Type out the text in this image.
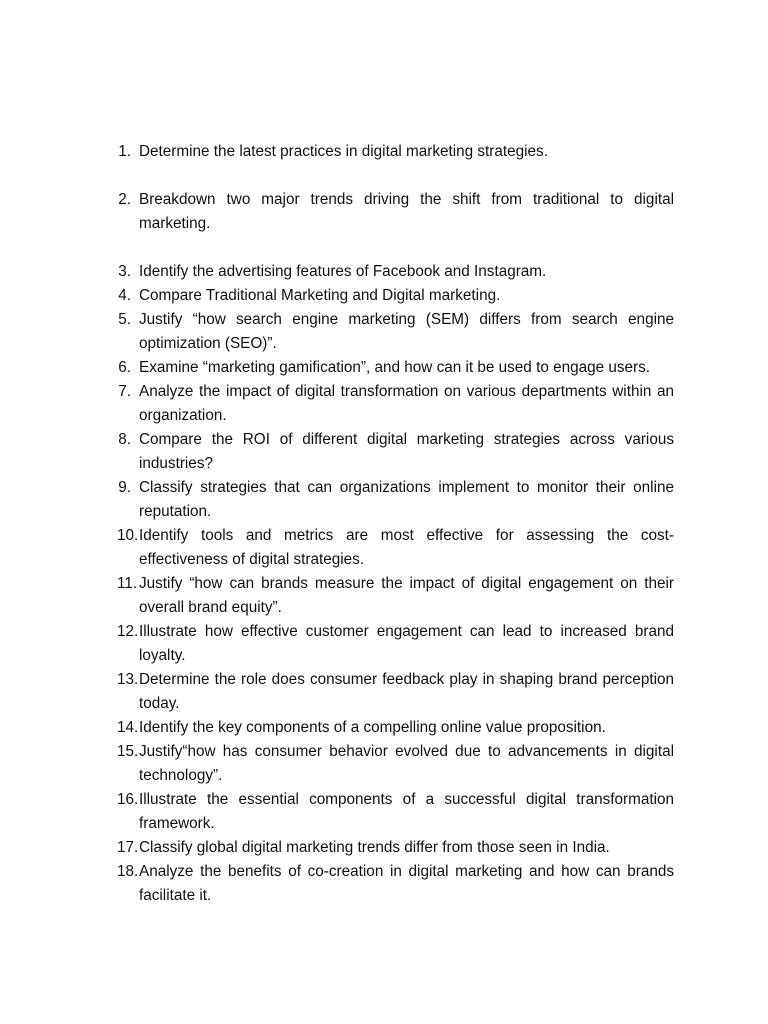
1. Determine the latest practices in digital marketing strategies.
2. Breakdown two major trends driving the shift from traditional to digital marketing.
3. Identify the advertising features of Facebook and Instagram.
4. Compare Traditional Marketing and Digital marketing.
5. Justify “how search engine marketing (SEM) differs from search engine optimization (SEO)”.
6. Examine “marketing gamification”, and how can it be used to engage users.
7. Analyze the impact of digital transformation on various departments within an organization.
8. Compare the ROI of different digital marketing strategies across various industries?
9. Classify strategies that can organizations implement to monitor their online reputation.
10. Identify tools and metrics are most effective for assessing the cost-effectiveness of digital strategies.
11. Justify “how can brands measure the impact of digital engagement on their overall brand equity”.
12. Illustrate how effective customer engagement can lead to increased brand loyalty.
13. Determine the role does consumer feedback play in shaping brand perception today.
14. Identify the key components of a compelling online value proposition.
15. Justify“how has consumer behavior evolved due to advancements in digital technology”.
16. Illustrate the essential components of a successful digital transformation framework.
17. Classify global digital marketing trends differ from those seen in India.
18. Analyze the benefits of co-creation in digital marketing and how can brands facilitate it.
